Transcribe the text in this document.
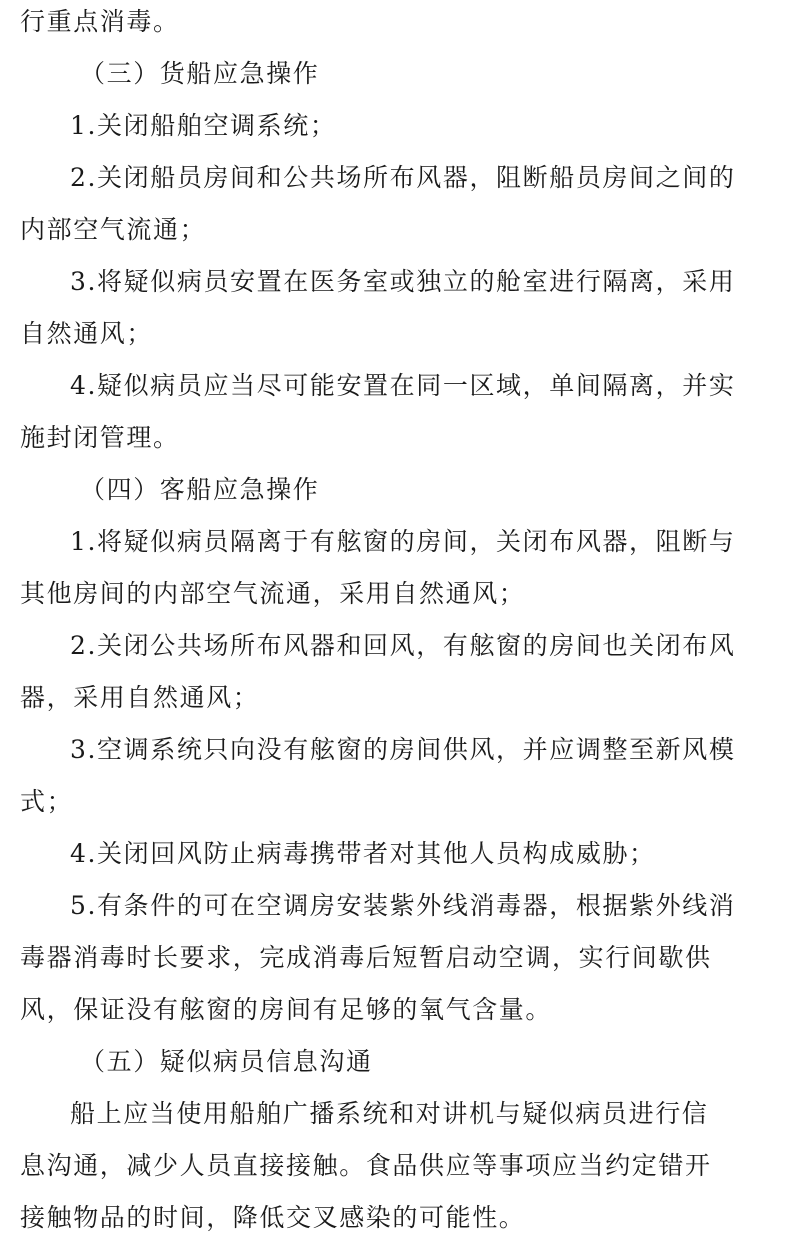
行重点消毒。
（三）货船应急操作
1.关闭船舶空调系统；
2.关闭船员房间和公共场所布风器，阻断船员房间之间的
内部空气流通；
3.将疑似病员安置在医务室或独立的舱室进行隔离，采用
自然通风；
4.疑似病员应当尽可能安置在同一区域，单间隔离，并实
施封闭管理。
（四）客船应急操作
1.将疑似病员隔离于有舷窗的房间，关闭布风器，阻断与
其他房间的内部空气流通，采用自然通风；
2.关闭公共场所布风器和回风，有舷窗的房间也关闭布风
器，采用自然通风；
3.空调系统只向没有舷窗的房间供风，并应调整至新风模
式；
4.关闭回风防止病毒携带者对其他人员构成威胁；
5.有条件的可在空调房安装紫外线消毒器，根据紫外线消
毒器消毒时长要求，完成消毒后短暂启动空调，实行间歇供
风，保证没有舷窗的房间有足够的氧气含量。
（五）疑似病员信息沟通
船上应当使用船舶广播系统和对讲机与疑似病员进行信
息沟通，减少人员直接接触。食品供应等事项应当约定错开
接触物品的时间，降低交叉感染的可能性。
